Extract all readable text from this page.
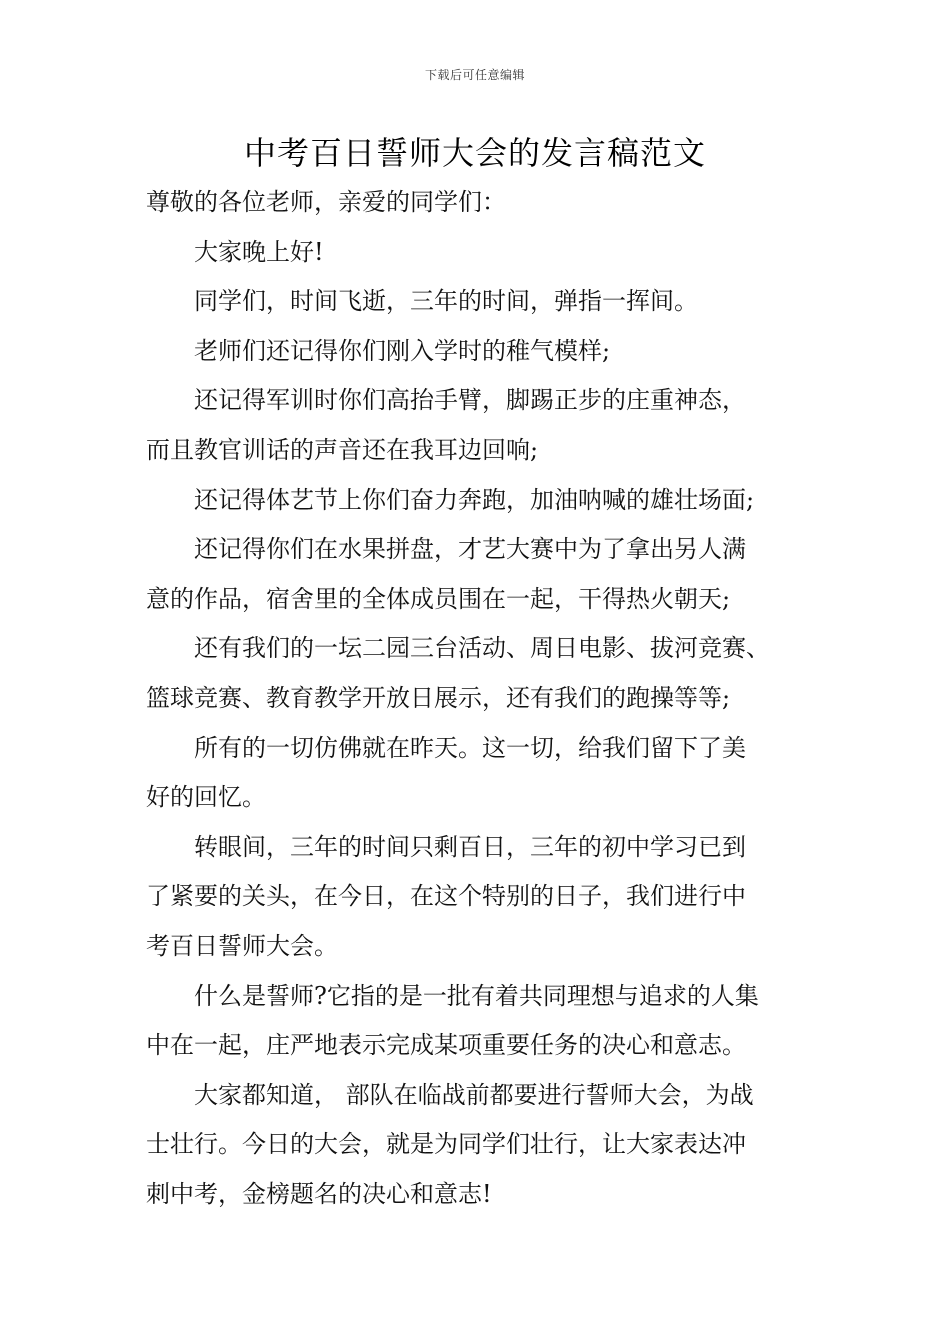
下载后可任意编辑
中考百日誓师大会的发言稿范文

尊敬的各位老师，亲爱的同学们：

大家晚上好!

同学们，时间飞逝，三年的时间，弹指一挥间。

老师们还记得你们刚入学时的稚气模样;

还记得军训时你们高抬手臂，脚踢正步的庄重神态，
而且教官训话的声音还在我耳边回响;

还记得体艺节上你们奋力奔跑，加油呐喊的雄壮场面;

还记得你们在水果拼盘，才艺大赛中为了拿出另人满
意的作品，宿舍里的全体成员围在一起，干得热火朝天;

还有我们的一坛二园三台活动、周日电影、拔河竞赛、
篮球竞赛、教育教学开放日展示，还有我们的跑操等等;

所有的一切仿佛就在昨天。这一切，给我们留下了美
好的回忆。

转眼间，三年的时间只剩百日，三年的初中学习已到
了紧要的关头，在今日，在这个特别的日子，我们进行中
考百日誓师大会。

什么是誓师?它指的是一批有着共同理想与追求的人集
中在一起，庄严地表示完成某项重要任务的决心和意志。

大家都知道， 部队在临战前都要进行誓师大会，为战
士壮行。今日的大会，就是为同学们壮行，让大家表达冲
刺中考，金榜题名的决心和意志!
